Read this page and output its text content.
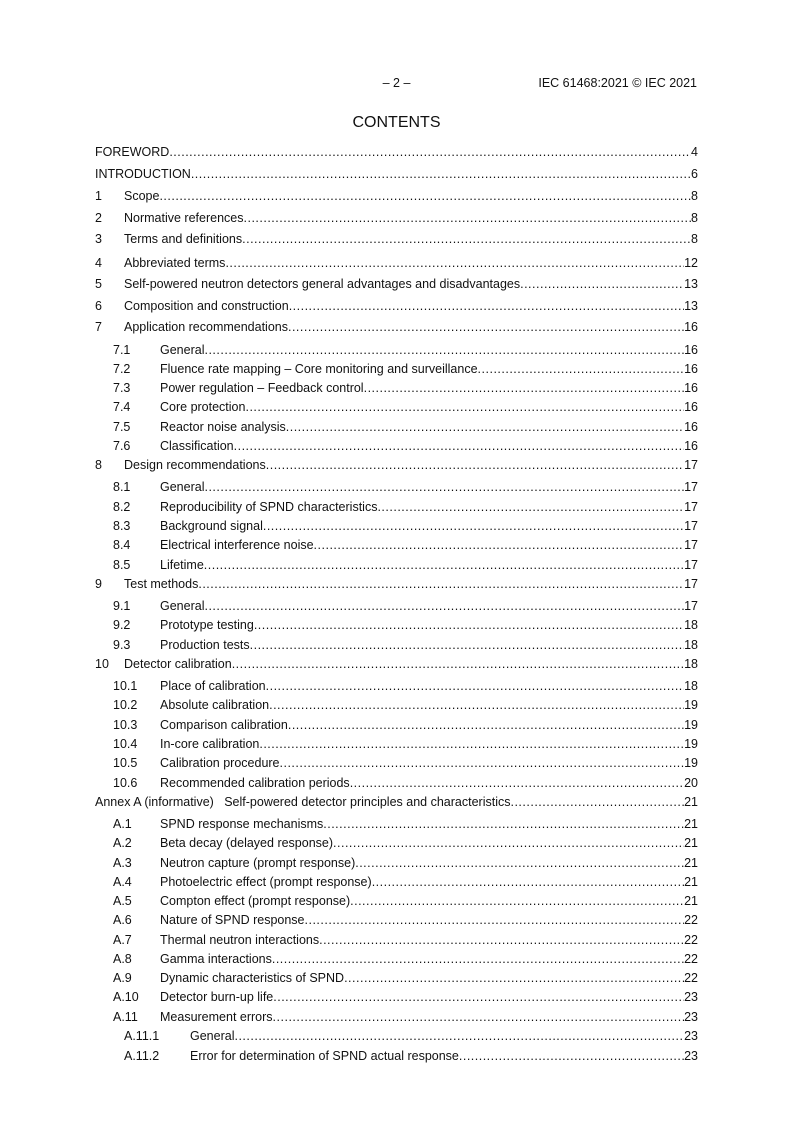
– 2 –	IEC 61468:2021 © IEC 2021
CONTENTS
FOREWORD .....	4
INTRODUCTION .....	6
1	Scope .....	8
2	Normative references .....	8
3	Terms and definitions .....	8
4	Abbreviated terms .....	12
5	Self-powered neutron detectors general advantages and disadvantages .....	13
6	Composition and construction .....	13
7	Application recommendations .....	16
7.1	General .....	16
7.2	Fluence rate mapping – Core monitoring and surveillance .....	16
7.3	Power regulation – Feedback control .....	16
7.4	Core protection .....	16
7.5	Reactor noise analysis .....	16
7.6	Classification .....	16
8	Design recommendations .....	17
8.1	General .....	17
8.2	Reproducibility of SPND characteristics .....	17
8.3	Background signal .....	17
8.4	Electrical interference noise .....	17
8.5	Lifetime .....	17
9	Test methods .....	17
9.1	General .....	17
9.2	Prototype testing .....	18
9.3	Production tests .....	18
10	Detector calibration .....	18
10.1	Place of calibration .....	18
10.2	Absolute calibration .....	19
10.3	Comparison calibration .....	19
10.4	In-core calibration .....	19
10.5	Calibration procedure .....	19
10.6	Recommended calibration periods .....	20
Annex A (informative)   Self-powered detector principles and characteristics .....	21
A.1	SPND response mechanisms .....	21
A.2	Beta decay (delayed response) .....	21
A.3	Neutron capture (prompt response) .....	21
A.4	Photoelectric effect (prompt response) .....	21
A.5	Compton effect (prompt response) .....	21
A.6	Nature of SPND response .....	22
A.7	Thermal neutron interactions .....	22
A.8	Gamma interactions .....	22
A.9	Dynamic characteristics of SPND .....	22
A.10	Detector burn-up life .....	23
A.11	Measurement errors .....	23
A.11.1	General .....	23
A.11.2	Error for determination of SPND actual response .....	23
